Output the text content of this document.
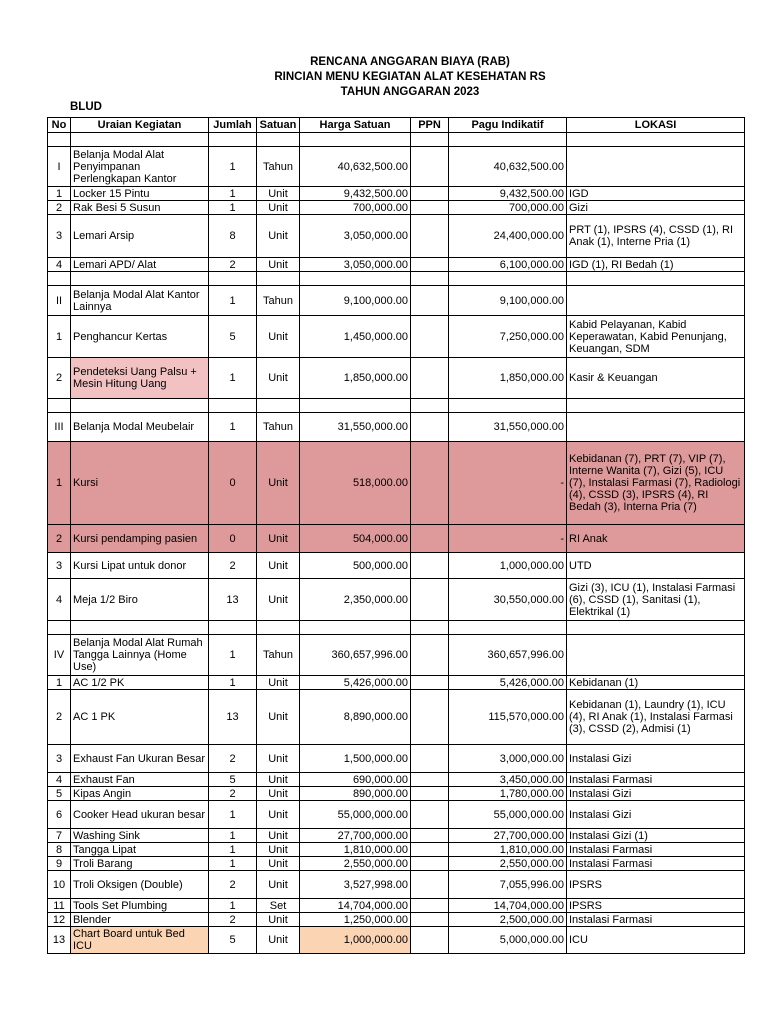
RENCANA ANGGARAN BIAYA (RAB)
RINCIAN MENU KEGIATAN ALAT KESEHATAN RS
TAHUN ANGGARAN 2023
BLUD
No	Uraian Kegiatan	Jumlah	Satuan	Harga Satuan	PPN	Pagu Indikatif	LOKASI

I	Belanja Modal Alat Penyimpanan Perlengkapan Kantor	1	Tahun	40,632,500.00		40,632,500.00	
1	Locker 15 Pintu	1	Unit	9,432,500.00		9,432,500.00	IGD
2	Rak Besi 5 Susun	1	Unit	700,000.00		700,000.00	Gizi
3	Lemari Arsip	8	Unit	3,050,000.00		24,400,000.00	PRT (1), IPSRS (4), CSSD (1), RI Anak (1), Interne Pria (1)
4	Lemari APD/ Alat	2	Unit	3,050,000.00		6,100,000.00	IGD (1), RI Bedah (1)

II	Belanja Modal Alat Kantor Lainnya	1	Tahun	9,100,000.00		9,100,000.00	
1	Penghancur Kertas	5	Unit	1,450,000.00		7,250,000.00	Kabid Pelayanan, Kabid Keperawatan, Kabid Penunjang, Keuangan, SDM
2	Pendeteksi Uang Palsu + Mesin Hitung Uang	1	Unit	1,850,000.00		1,850,000.00	Kasir & Keuangan

III	Belanja Modal Meubelair	1	Tahun	31,550,000.00		31,550,000.00	
1	Kursi	0	Unit	518,000.00		-	Kebidanan (7), PRT (7), VIP (7), Interne Wanita (7), Gizi (5), ICU (7), Instalasi Farmasi (7), Radiologi (4), CSSD (3), IPSRS (4), RI Bedah (3), Interna Pria (7)
2	Kursi pendamping pasien	0	Unit	504,000.00		-	RI Anak
3	Kursi Lipat untuk donor	2	Unit	500,000.00		1,000,000.00	UTD
4	Meja 1/2 Biro	13	Unit	2,350,000.00		30,550,000.00	Gizi (3), ICU (1), Instalasi Farmasi (6), CSSD (1), Sanitasi (1), Elektrikal (1)

IV	Belanja Modal Alat Rumah Tangga Lainnya (Home Use)	1	Tahun	360,657,996.00		360,657,996.00	
1	AC 1/2 PK	1	Unit	5,426,000.00		5,426,000.00	Kebidanan (1)
2	AC 1 PK	13	Unit	8,890,000.00		115,570,000.00	Kebidanan (1), Laundry (1), ICU (4), RI Anak (1), Instalasi Farmasi (3), CSSD (2), Admisi (1)
3	Exhaust Fan Ukuran Besar	2	Unit	1,500,000.00		3,000,000.00	Instalasi Gizi
4	Exhaust Fan	5	Unit	690,000.00		3,450,000.00	Instalasi Farmasi
5	Kipas Angin	2	Unit	890,000.00		1,780,000.00	Instalasi Gizi
6	Cooker Head ukuran besar	1	Unit	55,000,000.00		55,000,000.00	Instalasi Gizi
7	Washing Sink	1	Unit	27,700,000.00		27,700,000.00	Instalasi Gizi (1)
8	Tangga Lipat	1	Unit	1,810,000.00		1,810,000.00	Instalasi Farmasi
9	Troli Barang	1	Unit	2,550,000.00		2,550,000.00	Instalasi Farmasi
10	Troli Oksigen (Double)	2	Unit	3,527,998.00		7,055,996.00	IPSRS
11	Tools Set Plumbing	1	Set	14,704,000.00		14,704,000.00	IPSRS
12	Blender	2	Unit	1,250,000.00		2,500,000.00	Instalasi Farmasi
13	Chart Board untuk Bed ICU	5	Unit	1,000,000.00		5,000,000.00	ICU
